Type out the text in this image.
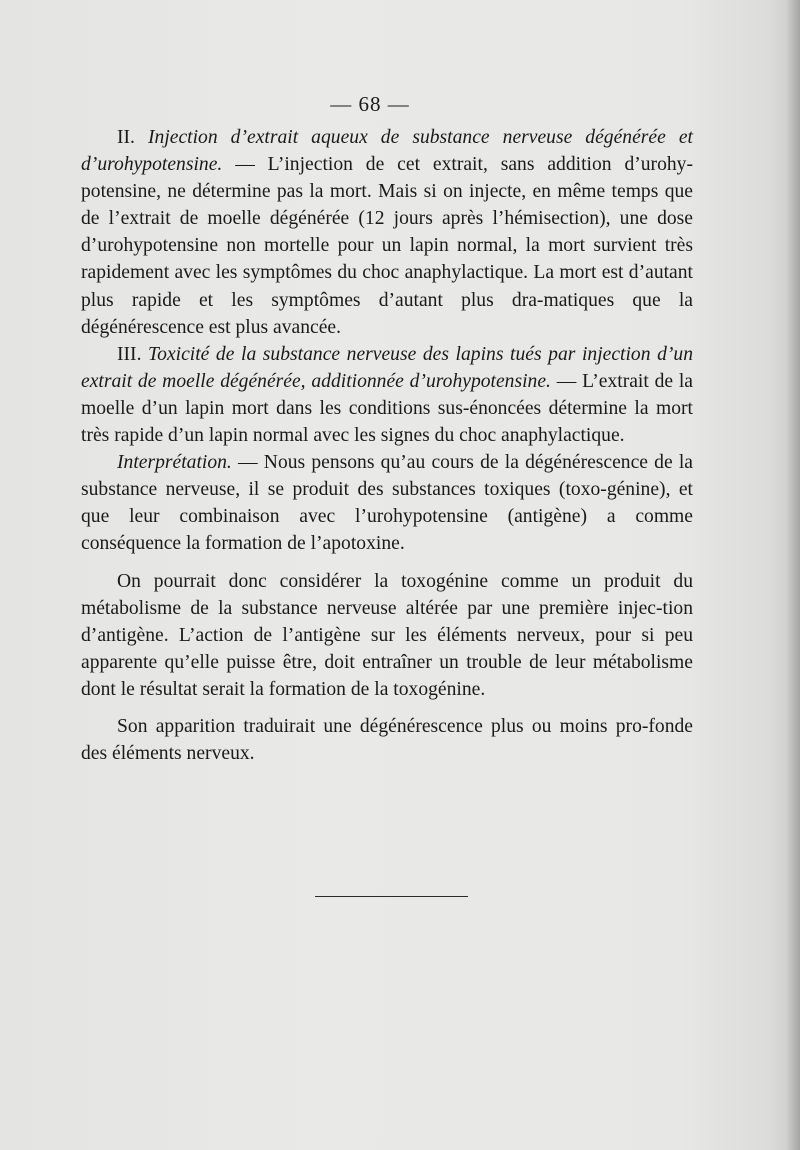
— 68 —

II. Injection d’extrait aqueux de substance nerveuse dégénérée et d’urohypotensine. — L’injection de cet extrait, sans addition d’urohy-potensine, ne détermine pas la mort. Mais si on injecte, en même temps que de l’extrait de moelle dégénérée (12 jours après l’hémisection), une dose d’urohypotensine non mortelle pour un lapin normal, la mort survient très rapidement avec les symptômes du choc anaphylactique. La mort est d’autant plus rapide et les symptômes d’autant plus dra-matiques que la dégénérescence est plus avancée.

III. Toxicité de la substance nerveuse des lapins tués par injection d’un extrait de moelle dégénérée, additionnée d’urohypotensine. — L’extrait de la moelle d’un lapin mort dans les conditions sus-énoncées détermine la mort très rapide d’un lapin normal avec les signes du choc anaphylactique.

Interprétation. — Nous pensons qu’au cours de la dégénérescence de la substance nerveuse, il se produit des substances toxiques (toxo-génine), et que leur combinaison avec l’urohypotensine (antigène) a comme conséquence la formation de l’apotoxine.

On pourrait donc considérer la toxogénine comme un produit du métabolisme de la substance nerveuse altérée par une première injec-tion d’antigène. L’action de l’antigène sur les éléments nerveux, pour si peu apparente qu’elle puisse être, doit entraîner un trouble de leur métabolisme dont le résultat serait la formation de la toxogénine.

Son apparition traduirait une dégénérescence plus ou moins pro-fonde des éléments nerveux.
